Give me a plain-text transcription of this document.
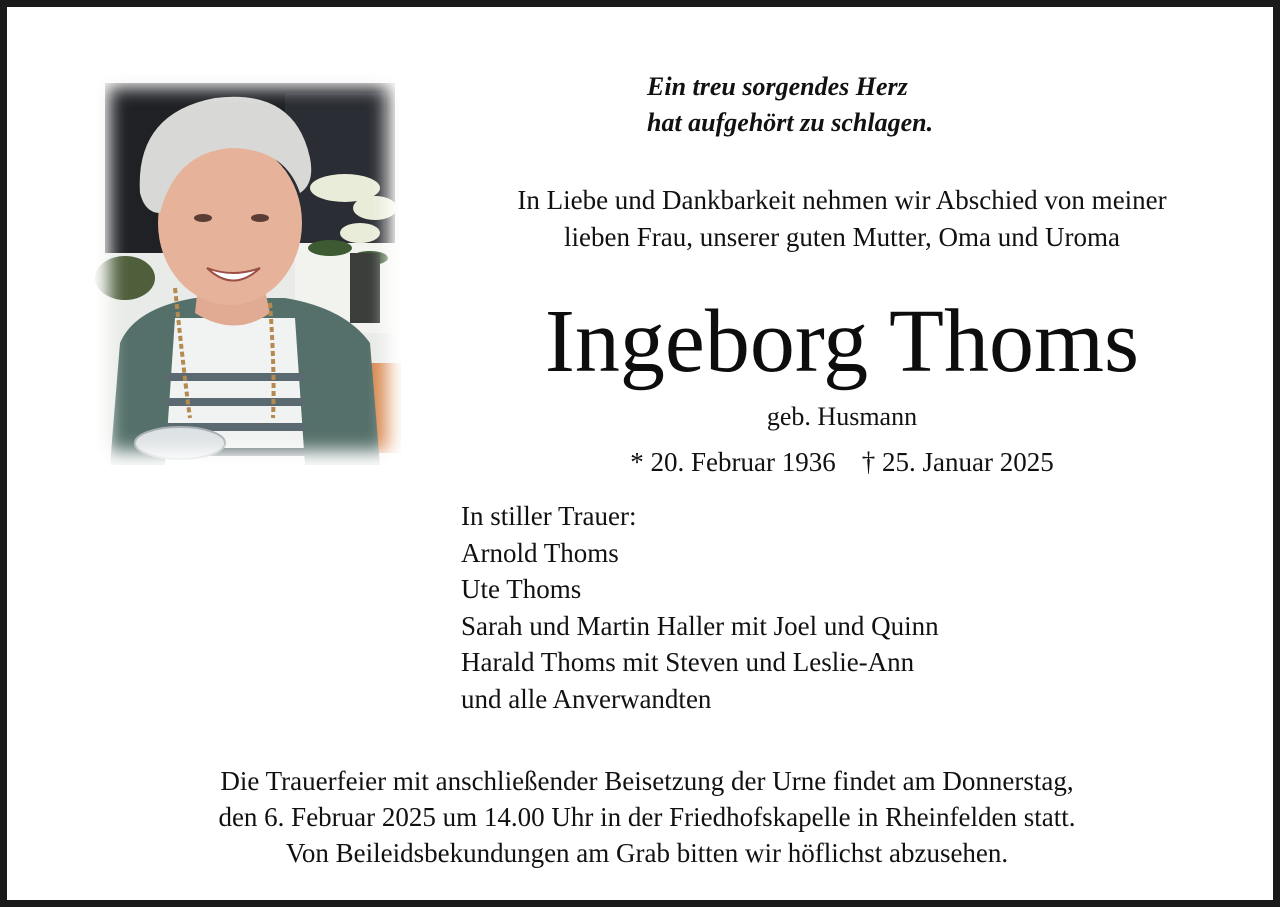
Ein treu sorgendes Herz
hat aufgehört zu schlagen.
In Liebe und Dankbarkeit nehmen wir Abschied von meiner
lieben Frau, unserer guten Mutter, Oma und Uroma
Ingeborg Thoms
geb. Husmann
* 20. Februar 1936 † 25. Januar 2025
In stiller Trauer:
Arnold Thoms
Ute Thoms
Sarah und Martin Haller mit Joel und Quinn
Harald Thoms mit Steven und Leslie-Ann
und alle Anverwandten
Die Trauerfeier mit anschließender Beisetzung der Urne findet am Donnerstag,
den 6. Februar 2025 um 14.00 Uhr in der Friedhofskapelle in Rheinfelden statt.
Von Beileidsbekundungen am Grab bitten wir höflichst abzusehen.
